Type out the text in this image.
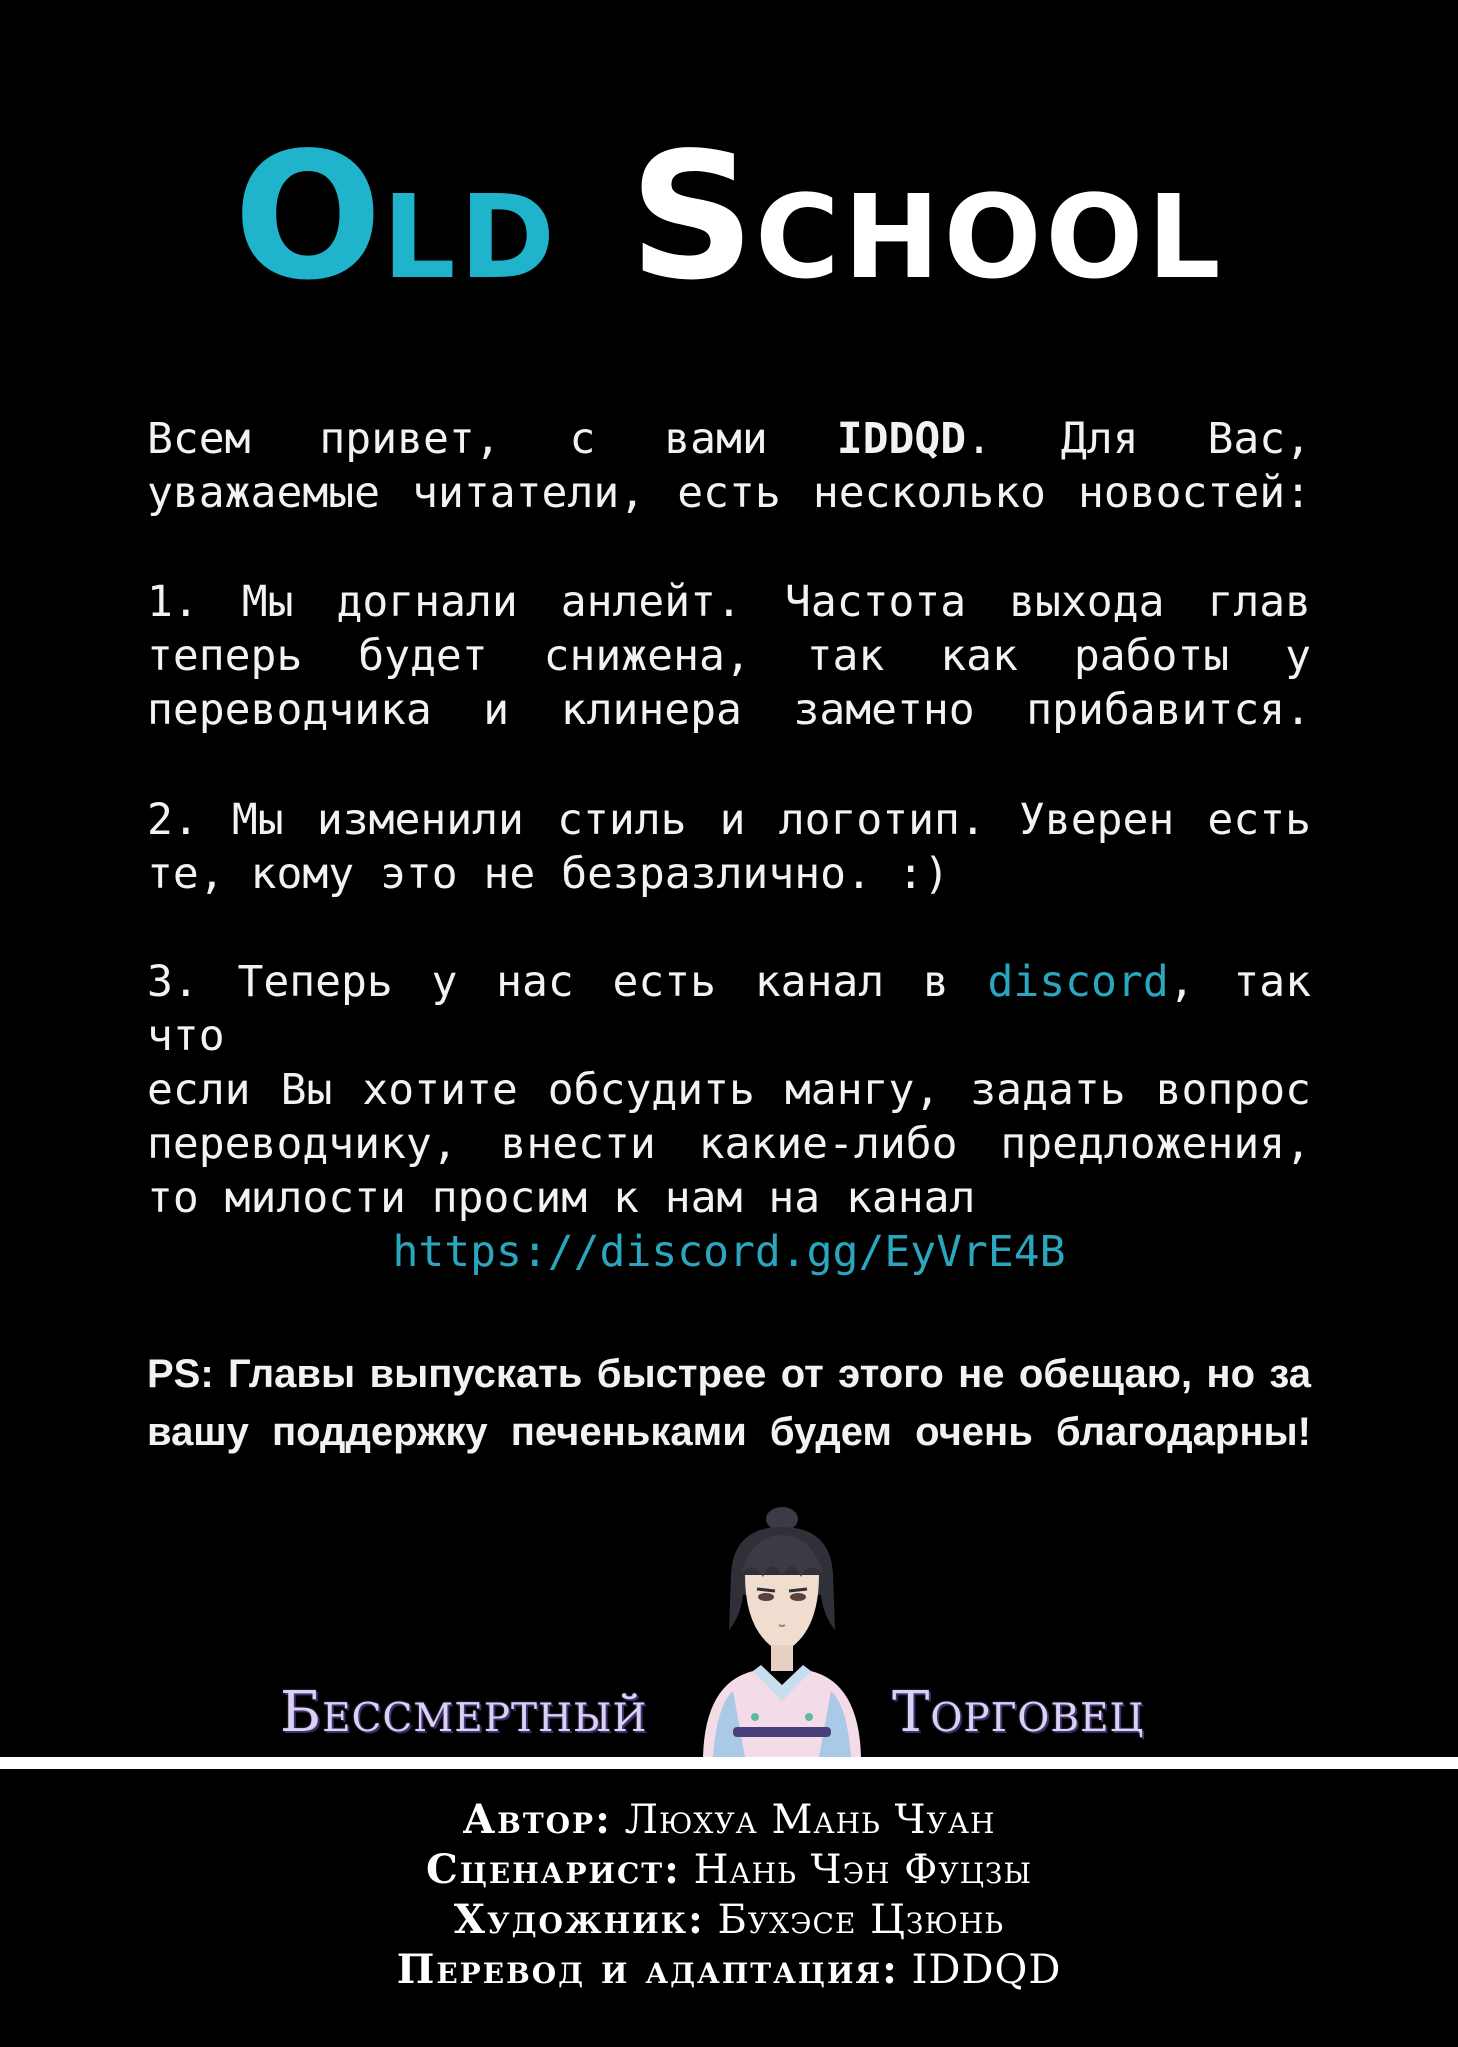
OLD SCHOOL
Всем привет, с вами IDDQD. Для Вас,
уважаемые читатели, есть несколько новостей:
1. Мы догнали анлейт. Частота выхода глав
теперь будет снижена, так как работы у
переводчика и клинера заметно прибавится.
2. Мы изменили стиль и логотип. Уверен есть
те, кому это не безразлично. :)
3. Теперь у нас есть канал в discord, так что
если Вы хотите обсудить мангу, задать вопрос
переводчику, внести какие-либо предложения,
то милости просим к нам на канал
https://discord.gg/EyVrE4B
PS: Главы выпускать быстрее от этого не обещаю, но за
вашу поддержку печеньками будем очень благодарны!
Бессмертный	Торговец
Автор: Люхуа Мань Чуан
Сценарист: Нань Чэн Фуцзы
Художник: Бухэсе Цзюнь
Перевод и адаптация: IDDQD
